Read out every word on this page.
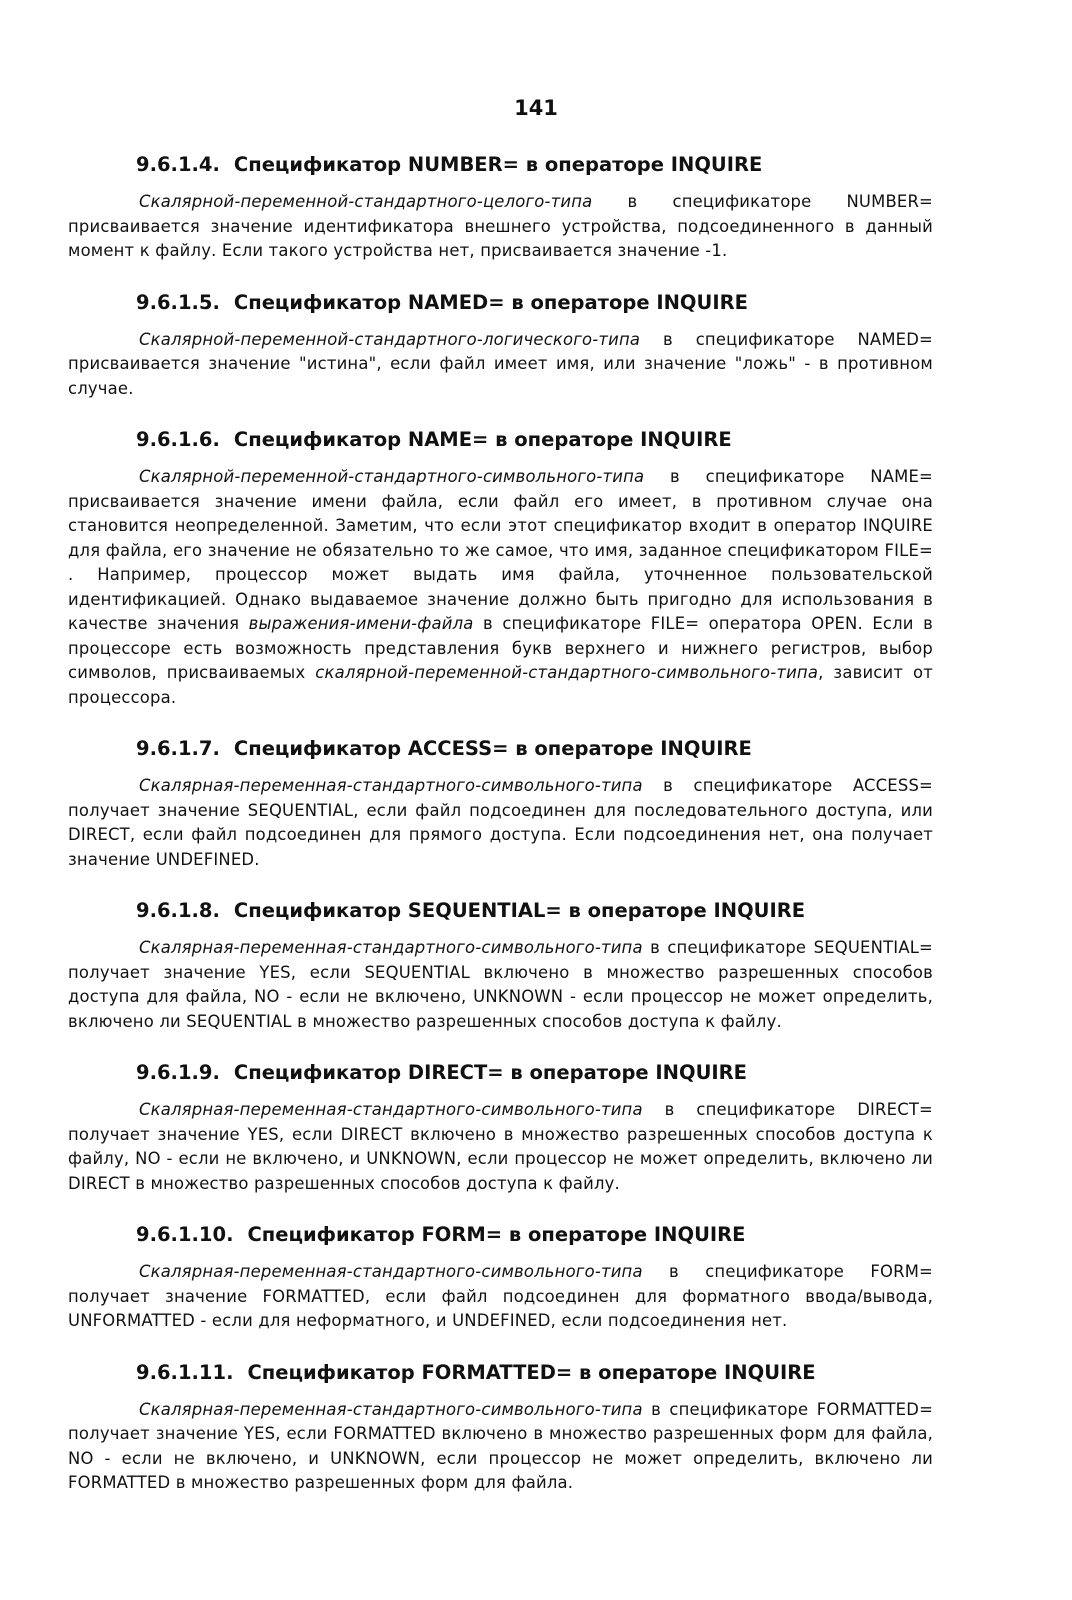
141
9.6.1.4. Спецификатор NUMBER= в операторе INQUIRE

Скалярной-переменной-стандартного-целого-типа в спецификаторе NUMBER= присваивается значение идентификатора внешнего устройства, подсоединенного в данный момент к файлу. Если такого устройства нет, присваивается значение -1.

9.6.1.5. Спецификатор NAMED= в операторе INQUIRE

Скалярной-переменной-стандартного-логического-типа в спецификаторе NAMED= присваивается значение "истина", если файл имеет имя, или значение "ложь" - в противном случае.

9.6.1.6. Спецификатор NAME= в операторе INQUIRE

Скалярной-переменной-стандартного-символьного-типа в спецификаторе NAME= присваивается значение имени файла, если файл его имеет, в противном случае она становится неопределенной. Заметим, что если этот спецификатор входит в оператор INQUIRE для файла, его значение не обязательно то же самое, что имя, заданное спецификатором FILE= . Например, процессор может выдать имя файла, уточненное пользовательской идентификацией. Однако выдаваемое значение должно быть пригодно для использования в качестве значения выражения-имени-файла в спецификаторе FILE= оператора OPEN. Если в процессоре есть возможность представления букв верхнего и нижнего регистров, выбор символов, присваиваемых скалярной-переменной-стандартного-символьного-типа, зависит от процессора.

9.6.1.7. Спецификатор ACCESS= в операторе INQUIRE

Скалярная-переменная-стандартного-символьного-типа в спецификаторе ACCESS= получает значение SEQUENTIAL, если файл подсоединен для последовательного доступа, или DIRECT, если файл подсоединен для прямого доступа. Если подсоединения нет, она получает значение UNDEFINED.

9.6.1.8. Спецификатор SEQUENTIAL= в операторе INQUIRE

Скалярная-переменная-стандартного-символьного-типа в спецификаторе SEQUENTIAL= получает значение YES, если SEQUENTIAL включено в множество разрешенных способов доступа для файла, NO - если не включено, UNKNOWN - если процессор не может определить, включено ли SEQUENTIAL в множество разрешенных способов доступа к файлу.

9.6.1.9. Спецификатор DIRECT= в операторе INQUIRE

Скалярная-переменная-стандартного-символьного-типа в спецификаторе DIRECT= получает значение YES, если DIRECT включено в множество разрешенных способов доступа к файлу, NO - если не включено, и UNKNOWN, если процессор не может определить, включено ли DIRECT в множество разрешенных способов доступа к файлу.

9.6.1.10. Спецификатор FORM= в операторе INQUIRE

Скалярная-переменная-стандартного-символьного-типа в спецификаторе FORM= получает значение FORMATTED, если файл подсоединен для форматного ввода/вывода, UNFORMATTED - если для неформатного, и UNDEFINED, если подсоединения нет.

9.6.1.11. Спецификатор FORMATTED= в операторе INQUIRE

Скалярная-переменная-стандартного-символьного-типа в спецификаторе FORMATTED= получает значение YES, если FORMATTED включено в множество разрешенных форм для файла, NO - если не включено, и UNKNOWN, если процессор не может определить, включено ли FORMATTED в множество разрешенных форм для файла.
